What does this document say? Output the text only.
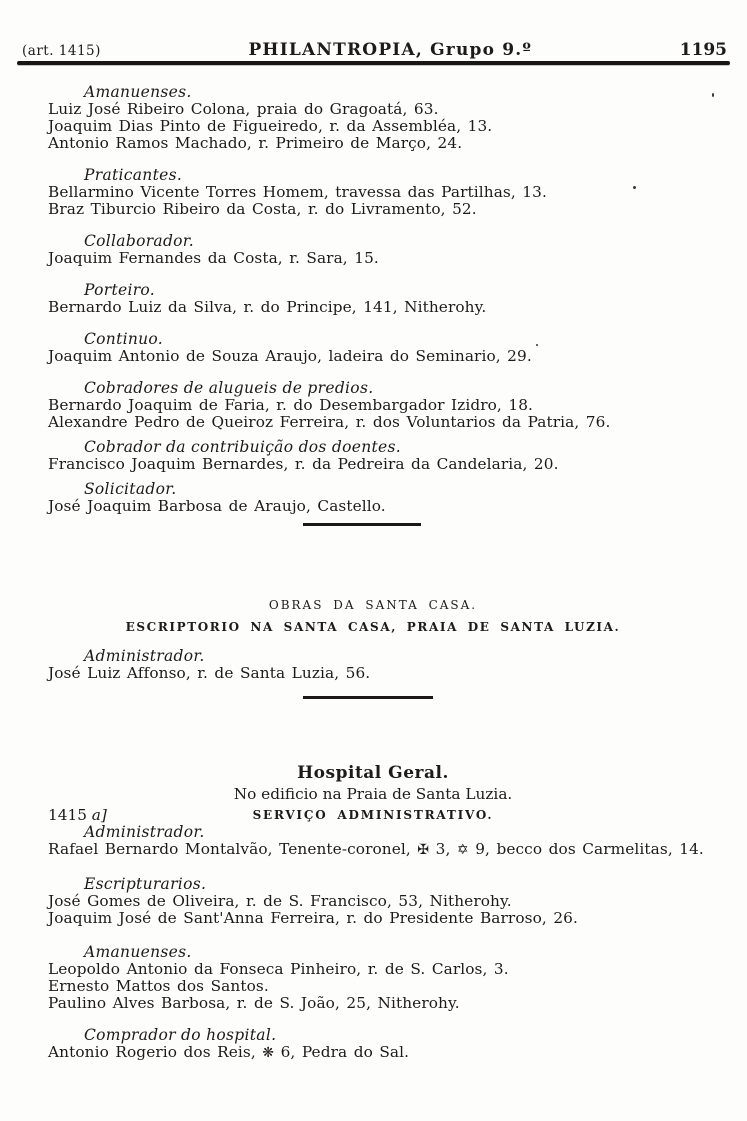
(art. 1415)	PHILANTROPIA, Grupo 9.º	1195
Amanuenses.
Luiz José Ribeiro Colona, praia do Gragoatá, 63.
Joaquim Dias Pinto de Figueiredo, r. da Assembléa, 13.
Antonio Ramos Machado, r. Primeiro de Março, 24.
Praticantes.
Bellarmino Vicente Torres Homem, travessa das Partilhas, 13.
Braz Tiburcio Ribeiro da Costa, r. do Livramento, 52.
Collaborador.
Joaquim Fernandes da Costa, r. Sara, 15.
Porteiro.
Bernardo Luiz da Silva, r. do Principe, 141, Nitherohy.
Continuo.
Joaquim Antonio de Souza Araujo, ladeira do Seminario, 29.
Cobradores de alugueis de predios.
Bernardo Joaquim de Faria, r. do Desembargador Izidro, 18.
Alexandre Pedro de Queiroz Ferreira, r. dos Voluntarios da Patria, 76.
Cobrador da contribuição dos doentes.
Francisco Joaquim Bernardes, r. da Pedreira da Candelaria, 20.
Solicitador.
José Joaquim Barbosa de Araujo, Castello.
OBRAS DA SANTA CASA.
ESCRIPTORIO NA SANTA CASA, PRAIA DE SANTA LUZIA.
Administrador.
José Luiz Affonso, r. de Santa Luzia, 56.
Hospital Geral.
No edificio na Praia de Santa Luzia.
1415 a]	SERVIÇO ADMINISTRATIVO.
Administrador.
Rafael Bernardo Montalvão, Tenente-coronel, ✠ 3, ✡ 9, becco dos Carmelitas, 14.
Escripturarios.
José Gomes de Oliveira, r. de S. Francisco, 53, Nitherohy.
Joaquim José de Sant'Anna Ferreira, r. do Presidente Barroso, 26.
Amanuenses.
Leopoldo Antonio da Fonseca Pinheiro, r. de S. Carlos, 3.
Ernesto Mattos dos Santos.
Paulino Alves Barbosa, r. de S. João, 25, Nitherohy.
Comprador do hospital.
Antonio Rogerio dos Reis, ❋ 6, Pedra do Sal.
